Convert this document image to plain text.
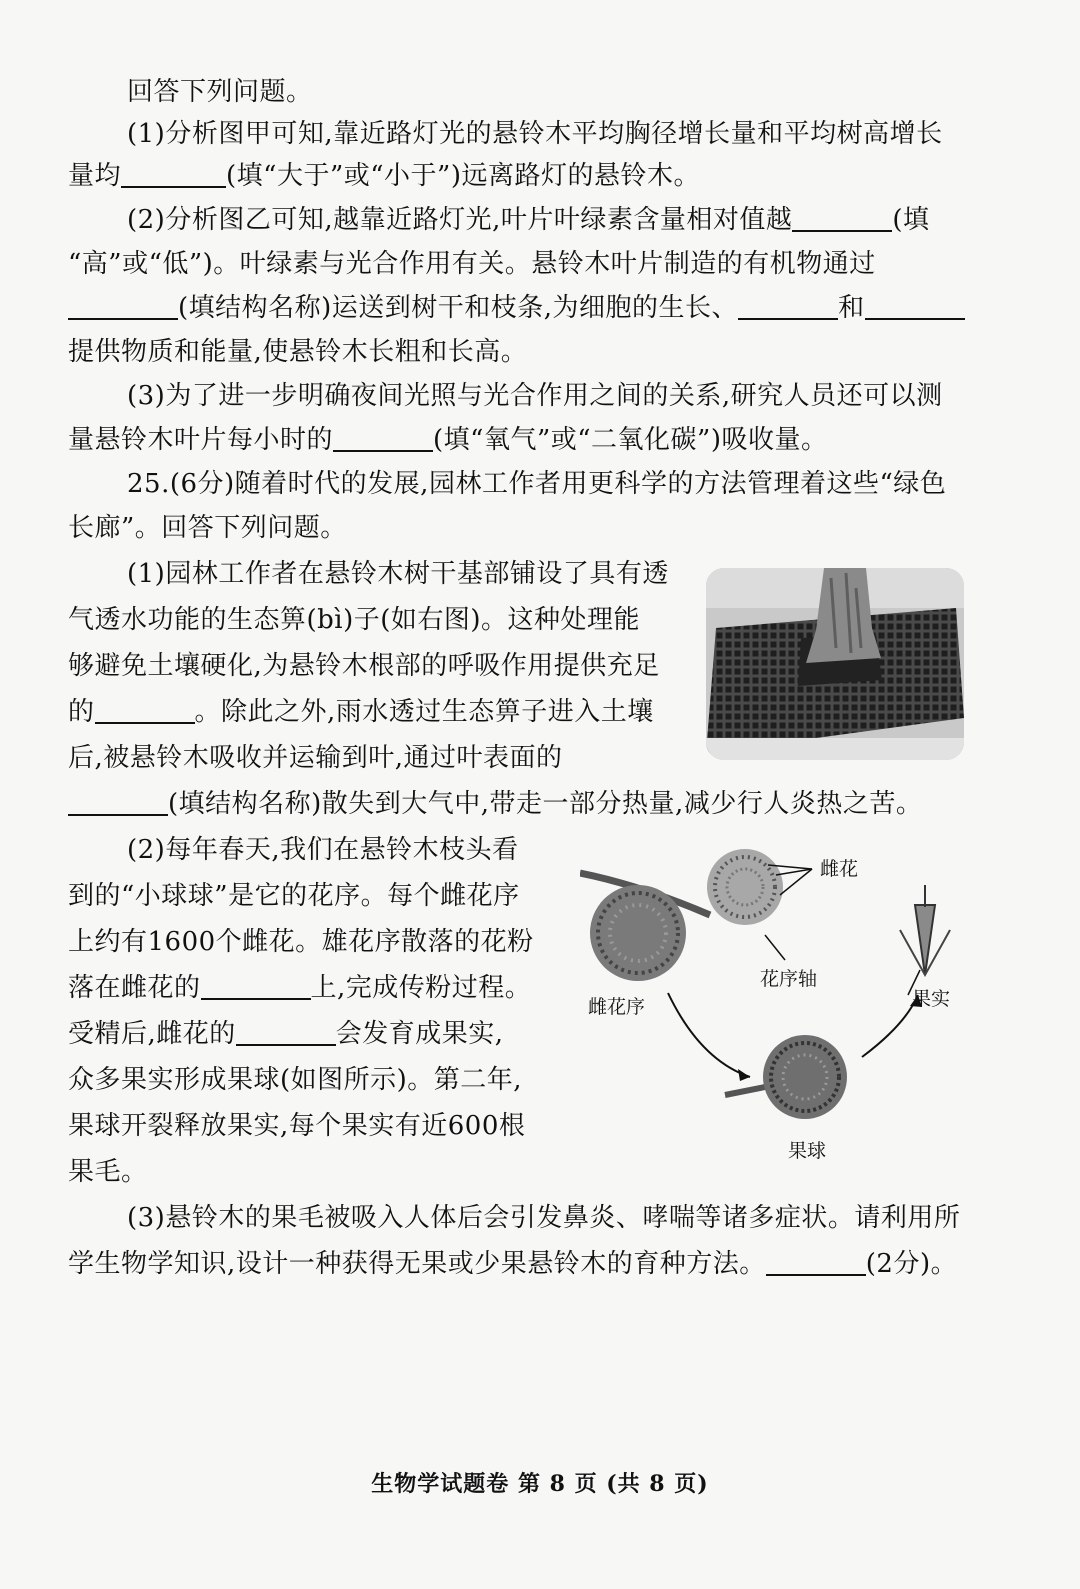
回答下列问题。
(1)分析图甲可知,靠近路灯光的悬铃木平均胸径增长量和平均树高增长
量均	(填“大于”或“小于”)远离路灯的悬铃木。
(2)分析图乙可知,越靠近路灯光,叶片叶绿素含量相对值越	(填
“高”或“低”)。叶绿素与光合作用有关。悬铃木叶片制造的有机物通过
(填结构名称)运送到树干和枝条,为细胞的生长、	和
提供物质和能量,使悬铃木长粗和长高。
(3)为了进一步明确夜间光照与光合作用之间的关系,研究人员还可以测
量悬铃木叶片每小时的	(填“氧气”或“二氧化碳”)吸收量。
25.(6分)随着时代的发展,园林工作者用更科学的方法管理着这些“绿色
长廊”。回答下列问题。
(1)园林工作者在悬铃木树干基部铺设了具有透
气透水功能的生态箅(bì)子(如右图)。这种处理能
够避免土壤硬化,为悬铃木根部的呼吸作用提供充足
的	。除此之外,雨水透过生态箅子进入土壤
后,被悬铃木吸收并运输到叶,通过叶表面的
(填结构名称)散失到大气中,带走一部分热量,减少行人炎热之苦。
(2)每年春天,我们在悬铃木枝头看
到的“小球球”是它的花序。每个雌花序
上约有1600个雌花。雄花序散落的花粉
落在雌花的	上,完成传粉过程。
受精后,雌花的	会发育成果实,
众多果实形成果球(如图所示)。第二年,
果球开裂释放果实,每个果实有近600根
果毛。
雌花
花序轴
雌花序	果实
果球
(3)悬铃木的果毛被吸入人体后会引发鼻炎、哮喘等诸多症状。请利用所
学生物学知识,设计一种获得无果或少果悬铃木的育种方法。	(2分)。
生物学试题卷 第 8 页 (共 8 页)
